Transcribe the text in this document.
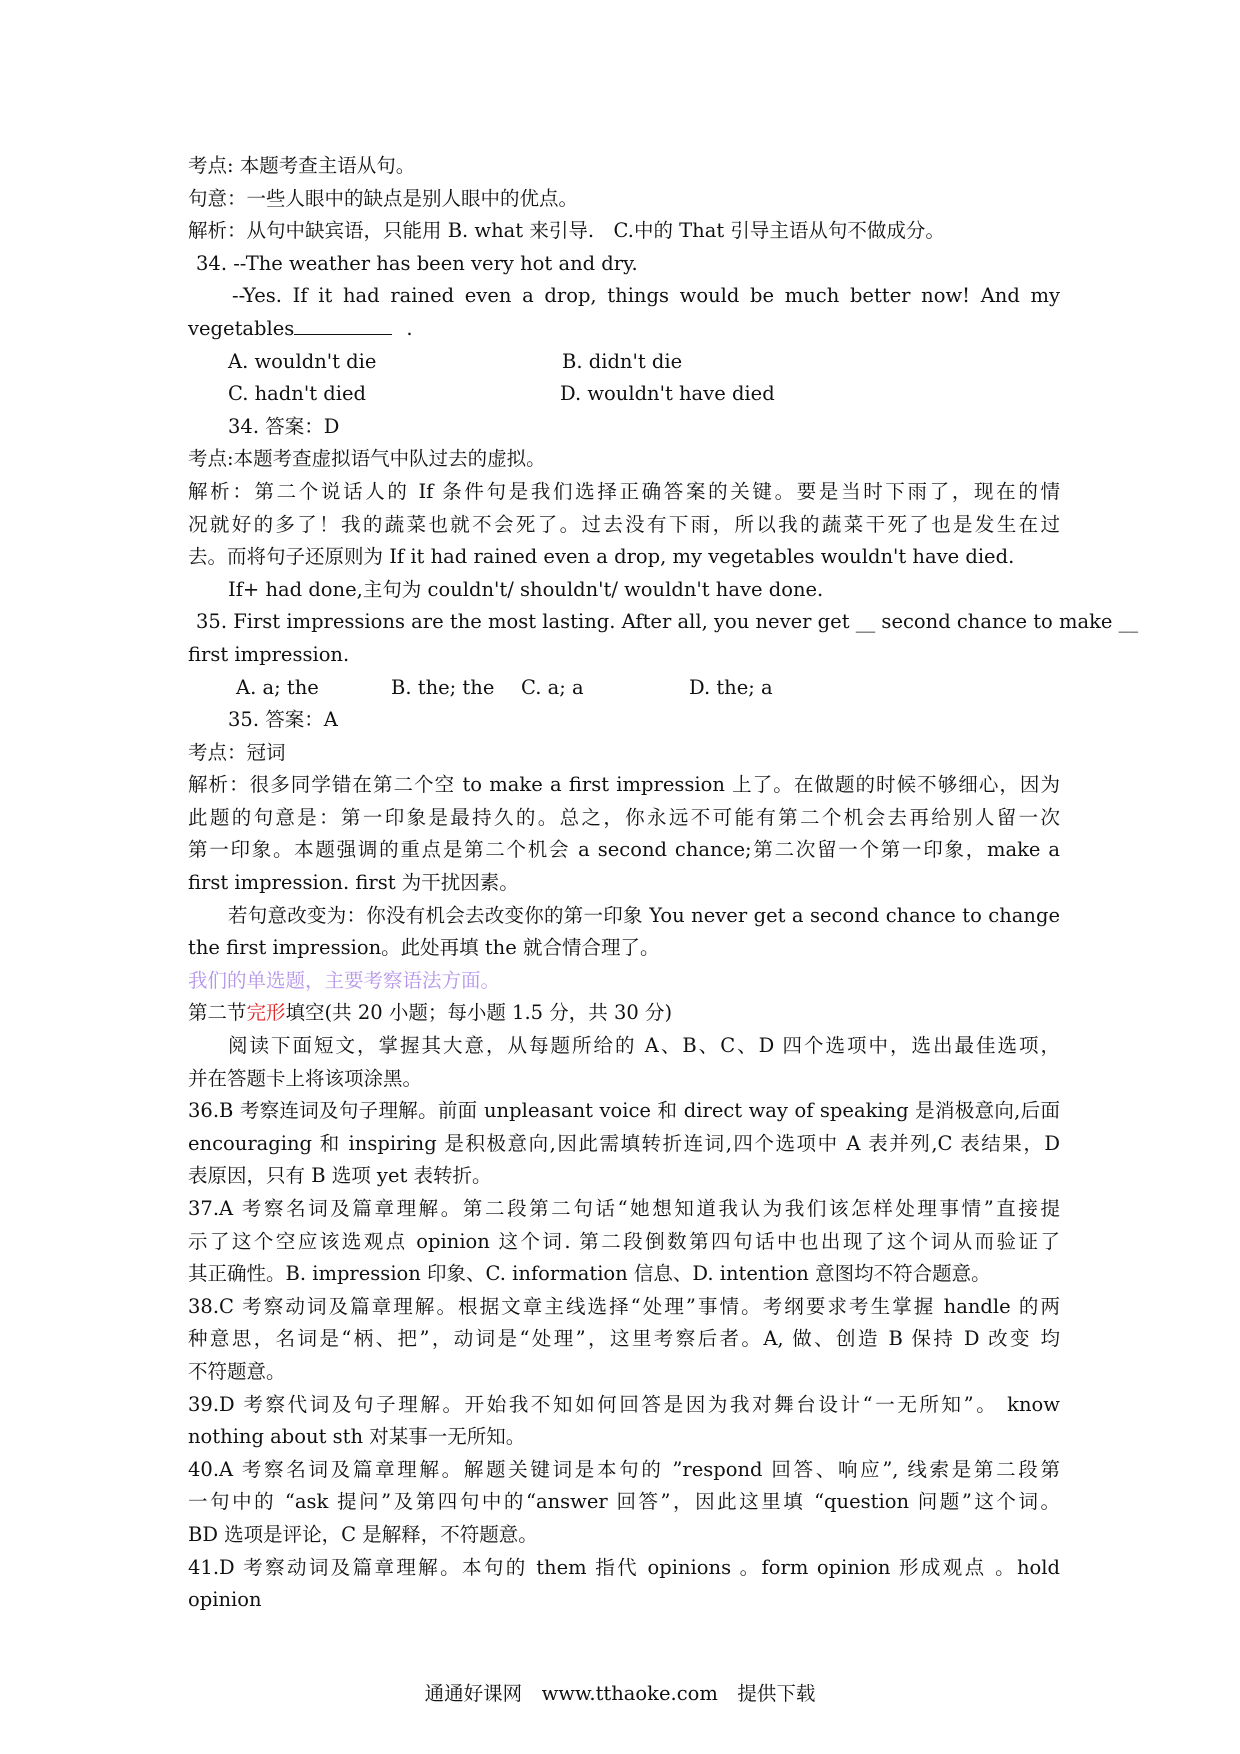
考点: 本题考查主语从句。
句意：一些人眼中的缺点是别人眼中的优点。
解析：从句中缺宾语，只能用 B. what 来引导.　C.中的 That 引导主语从句不做成分。
34. --The weather has been very hot and dry.
--Yes. If it had rained even a drop, things would be much better now! And my
vegetables	.
A. wouldn't die	B. didn't die
C. hadn't died	D. wouldn't have died
34. 答案：D
考点:本题考查虚拟语气中队过去的虚拟。
解析：第二个说话人的 If 条件句是我们选择正确答案的关键。要是当时下雨了，现在的情
况就好的多了！我的蔬菜也就不会死了。过去没有下雨，所以我的蔬菜干死了也是发生在过
去。而将句子还原则为 If it had rained even a drop, my vegetables wouldn't have died.
If+ had done,主句为 couldn't/ shouldn't/ wouldn't have done.
35. First impressions are the most lasting. After all, you never get __ second chance to make __
first impression.
A. a; the	B. the; the	C. a; a	D. the; a
35. 答案：A
考点：冠词
解析：很多同学错在第二个空 to make a first impression 上了。在做题的时候不够细心，因为
此题的句意是：第一印象是最持久的。总之，你永远不可能有第二个机会去再给别人留一次
第一印象。本题强调的重点是第二个机会 a second chance;第二次留一个第一印象，make a
first impression. first 为干扰因素。
若句意改变为：你没有机会去改变你的第一印象 You never get a second chance to change
the first impression。此处再填 the 就合情合理了。
我们的单选题，主要考察语法方面。
第二节完形填空(共 20 小题；每小题 1.5 分，共 30 分)
阅读下面短文，掌握其大意，从每题所给的 A、B、C、D 四个选项中，选出最佳选项，
并在答题卡上将该项涂黑。
36.B 考察连词及句子理解。前面 unpleasant voice 和 direct way of speaking 是消极意向,后面
encouraging 和 inspiring 是积极意向,因此需填转折连词,四个选项中 A 表并列,C 表结果，D
表原因，只有 B 选项 yet 表转折。
37.A 考察名词及篇章理解。第二段第二句话“她想知道我认为我们该怎样处理事情”直接提
示了这个空应该选观点 opinion 这个词. 第二段倒数第四句话中也出现了这个词从而验证了
其正确性。B. impression 印象、C. information 信息、D. intention 意图均不符合题意。
38.C 考察动词及篇章理解。根据文章主线选择“处理”事情。考纲要求考生掌握 handle 的两
种意思，名词是“柄、把”，动词是“处理”，这里考察后者。A, 做、创造 B 保持 D 改变 均
不符题意。
39.D 考察代词及句子理解。开始我不知如何回答是因为我对舞台设计“一无所知”。 know
nothing about sth 对某事一无所知。
40.A 考察名词及篇章理解。解题关键词是本句的 ”respond 回答、响应”, 线索是第二段第
一句中的 “ask 提问”及第四句中的“answer 回答”，因此这里填 “question 问题”这个词。
BD 选项是评论，C 是解释，不符题意。
41.D 考察动词及篇章理解。本句的 them 指代 opinions 。form opinion 形成观点 。hold opinion
通通好课网　www.tthaoke.com　提供下载
